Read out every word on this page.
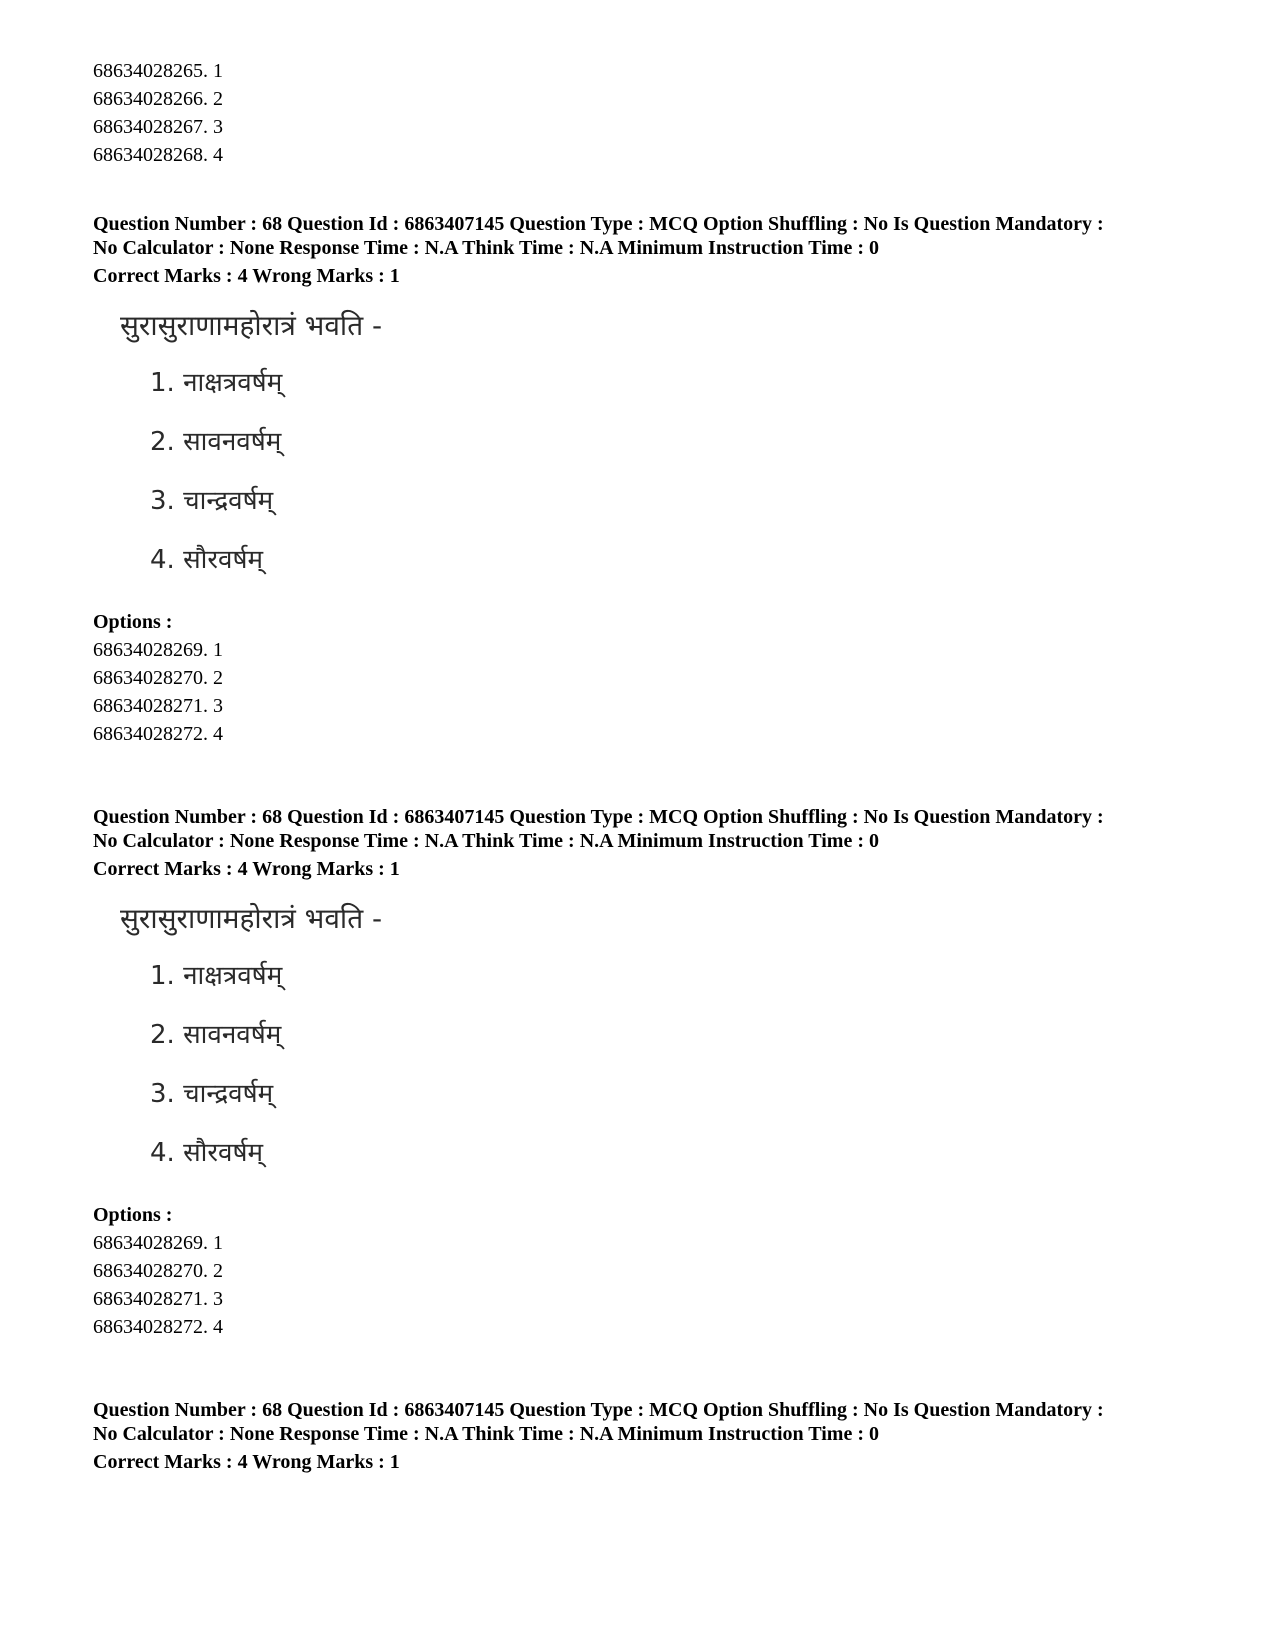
68634028265. 1

68634028266. 2

68634028267. 3

68634028268. 4

Question Number : 68 Question Id : 6863407145 Question Type : MCQ Option Shuffling : No Is Question Mandatory :

No Calculator : None Response Time : N.A Think Time : N.A Minimum Instruction Time : 0

Correct Marks : 4 Wrong Marks : 1

सुरासुराणामहोरात्रं भवति -
1. नाक्षत्रवर्षम्
2. सावनवर्षम्
3. चान्द्रवर्षम्
4. सौरवर्षम्

Options :

68634028269. 1

68634028270. 2

68634028271. 3

68634028272. 4

Question Number : 68 Question Id : 6863407145 Question Type : MCQ Option Shuffling : No Is Question Mandatory :

No Calculator : None Response Time : N.A Think Time : N.A Minimum Instruction Time : 0

Correct Marks : 4 Wrong Marks : 1

सुरासुराणामहोरात्रं भवति -
1. नाक्षत्रवर्षम्
2. सावनवर्षम्
3. चान्द्रवर्षम्
4. सौरवर्षम्

Options :

68634028269. 1

68634028270. 2

68634028271. 3

68634028272. 4

Question Number : 68 Question Id : 6863407145 Question Type : MCQ Option Shuffling : No Is Question Mandatory :

No Calculator : None Response Time : N.A Think Time : N.A Minimum Instruction Time : 0

Correct Marks : 4 Wrong Marks : 1
